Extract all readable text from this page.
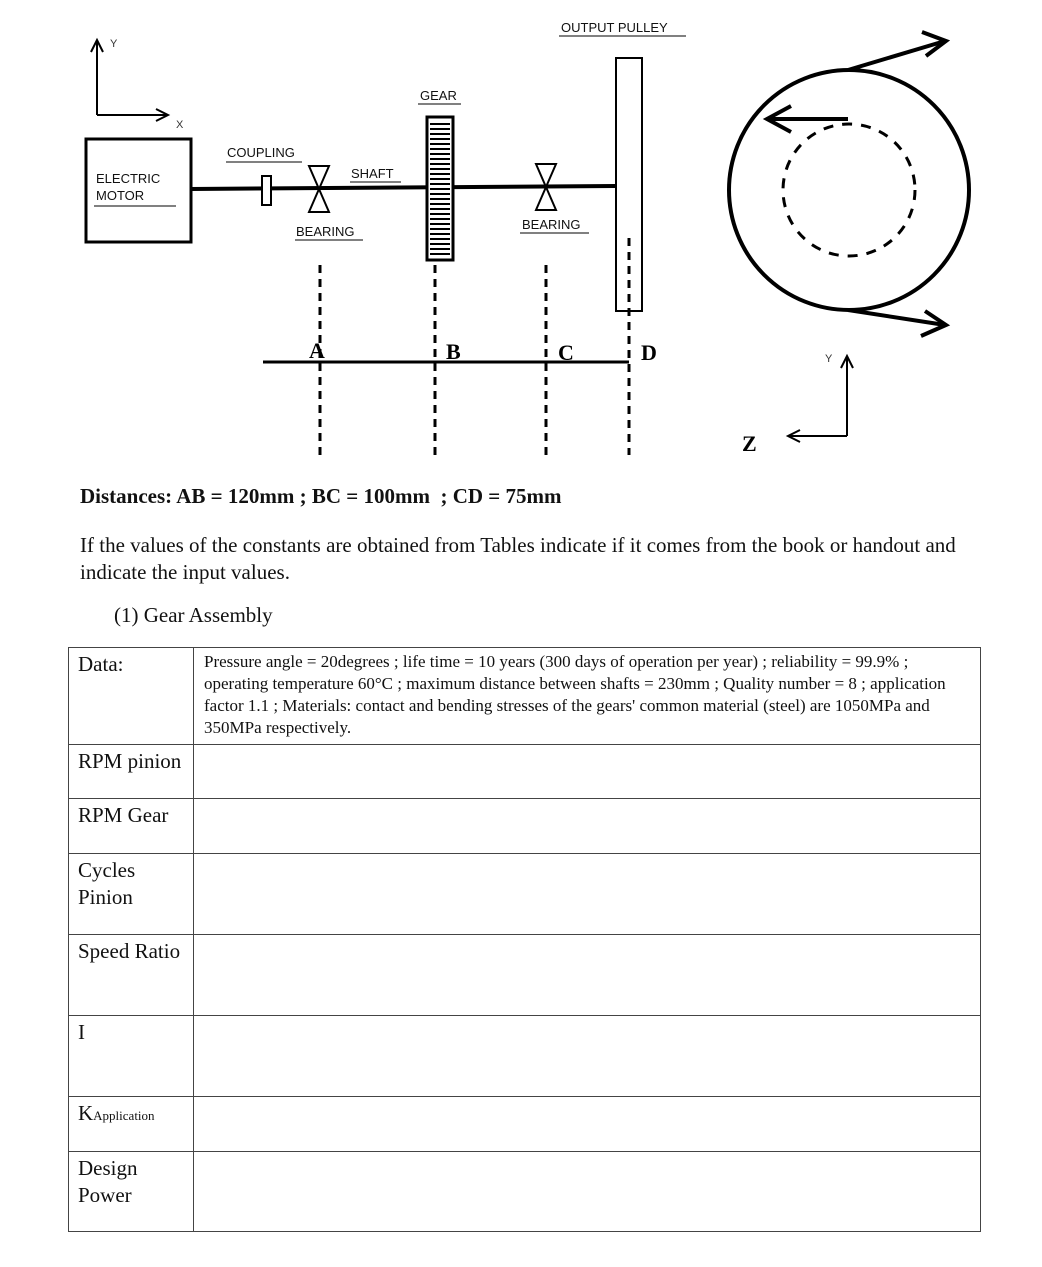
Y
X
ELECTRIC
MOTOR
COUPLING
BEARING
SHAFT
GEAR
BEARING
OUTPUT PULLEY
A	B	C	D	Y
Z
Distances: AB = 120mm ; BC = 100mm  ; CD = 75mm
If the values of the constants are obtained from Tables indicate if it comes from the book or handout and indicate the input values.
(1) Gear Assembly
Data:	Pressure angle = 20degrees ; life time = 10 years (300 days of operation per year) ; reliability = 99.9% ; operating temperature 60°C ; maximum distance between shafts = 230mm ; Quality number = 8 ; application factor 1.1 ; Materials: contact and bending stresses of the gears' common material (steel) are 1050MPa and 350MPa respectively.
RPM pinion	
RPM Gear	
Cycles Pinion	
Speed Ratio	
I	
KApplication	
Design Power	
